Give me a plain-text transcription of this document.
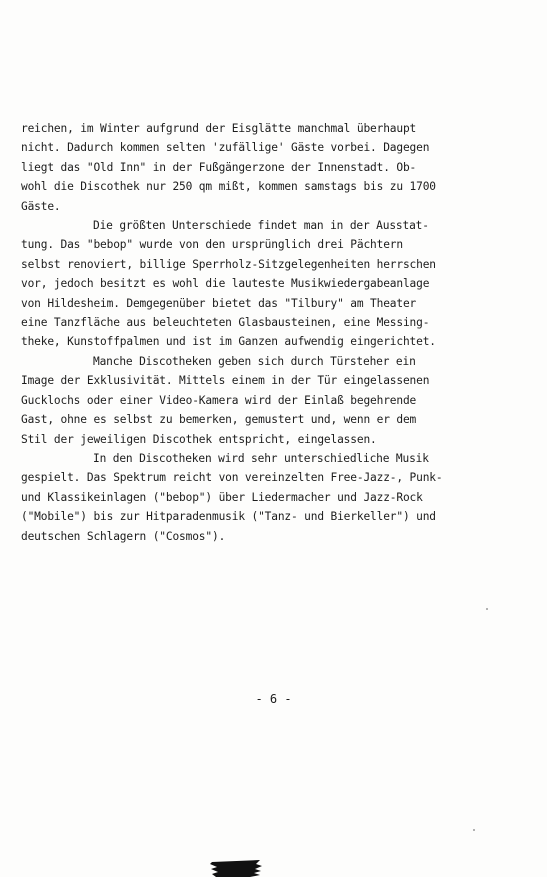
reichen, im Winter aufgrund der Eisglätte manchmal überhaupt
nicht. Dadurch kommen selten 'zufällige' Gäste vorbei. Dagegen
liegt das "Old Inn" in der Fußgängerzone der Innenstadt. Ob-
wohl die Discothek nur 250 qm mißt, kommen samstags bis zu 1700
Gäste.
Die größten Unterschiede findet man in der Ausstat-
tung. Das "bebop" wurde von den ursprünglich drei Pächtern
selbst renoviert, billige Sperrholz-Sitzgelegenheiten herrschen
vor, jedoch besitzt es wohl die lauteste Musikwiedergabeanlage
von Hildesheim. Demgegenüber bietet das "Tilbury" am Theater
eine Tanzfläche aus beleuchteten Glasbausteinen, eine Messing-
theke, Kunstoffpalmen und ist im Ganzen aufwendig eingerichtet.
Manche Discotheken geben sich durch Türsteher ein
Image der Exklusivität. Mittels einem in der Tür eingelassenen
Gucklochs oder einer Video-Kamera wird der Einlaß begehrende
Gast, ohne es selbst zu bemerken, gemustert und, wenn er dem
Stil der jeweiligen Discothek entspricht, eingelassen.
In den Discotheken wird sehr unterschiedliche Musik
gespielt. Das Spektrum reicht von vereinzelten Free-Jazz-, Punk-
und Klassikeinlagen ("bebop") über Liedermacher und Jazz-Rock
("Mobile") bis zur Hitparadenmusik ("Tanz- und Bierkeller") und
deutschen Schlagern ("Cosmos").
- 6 -
